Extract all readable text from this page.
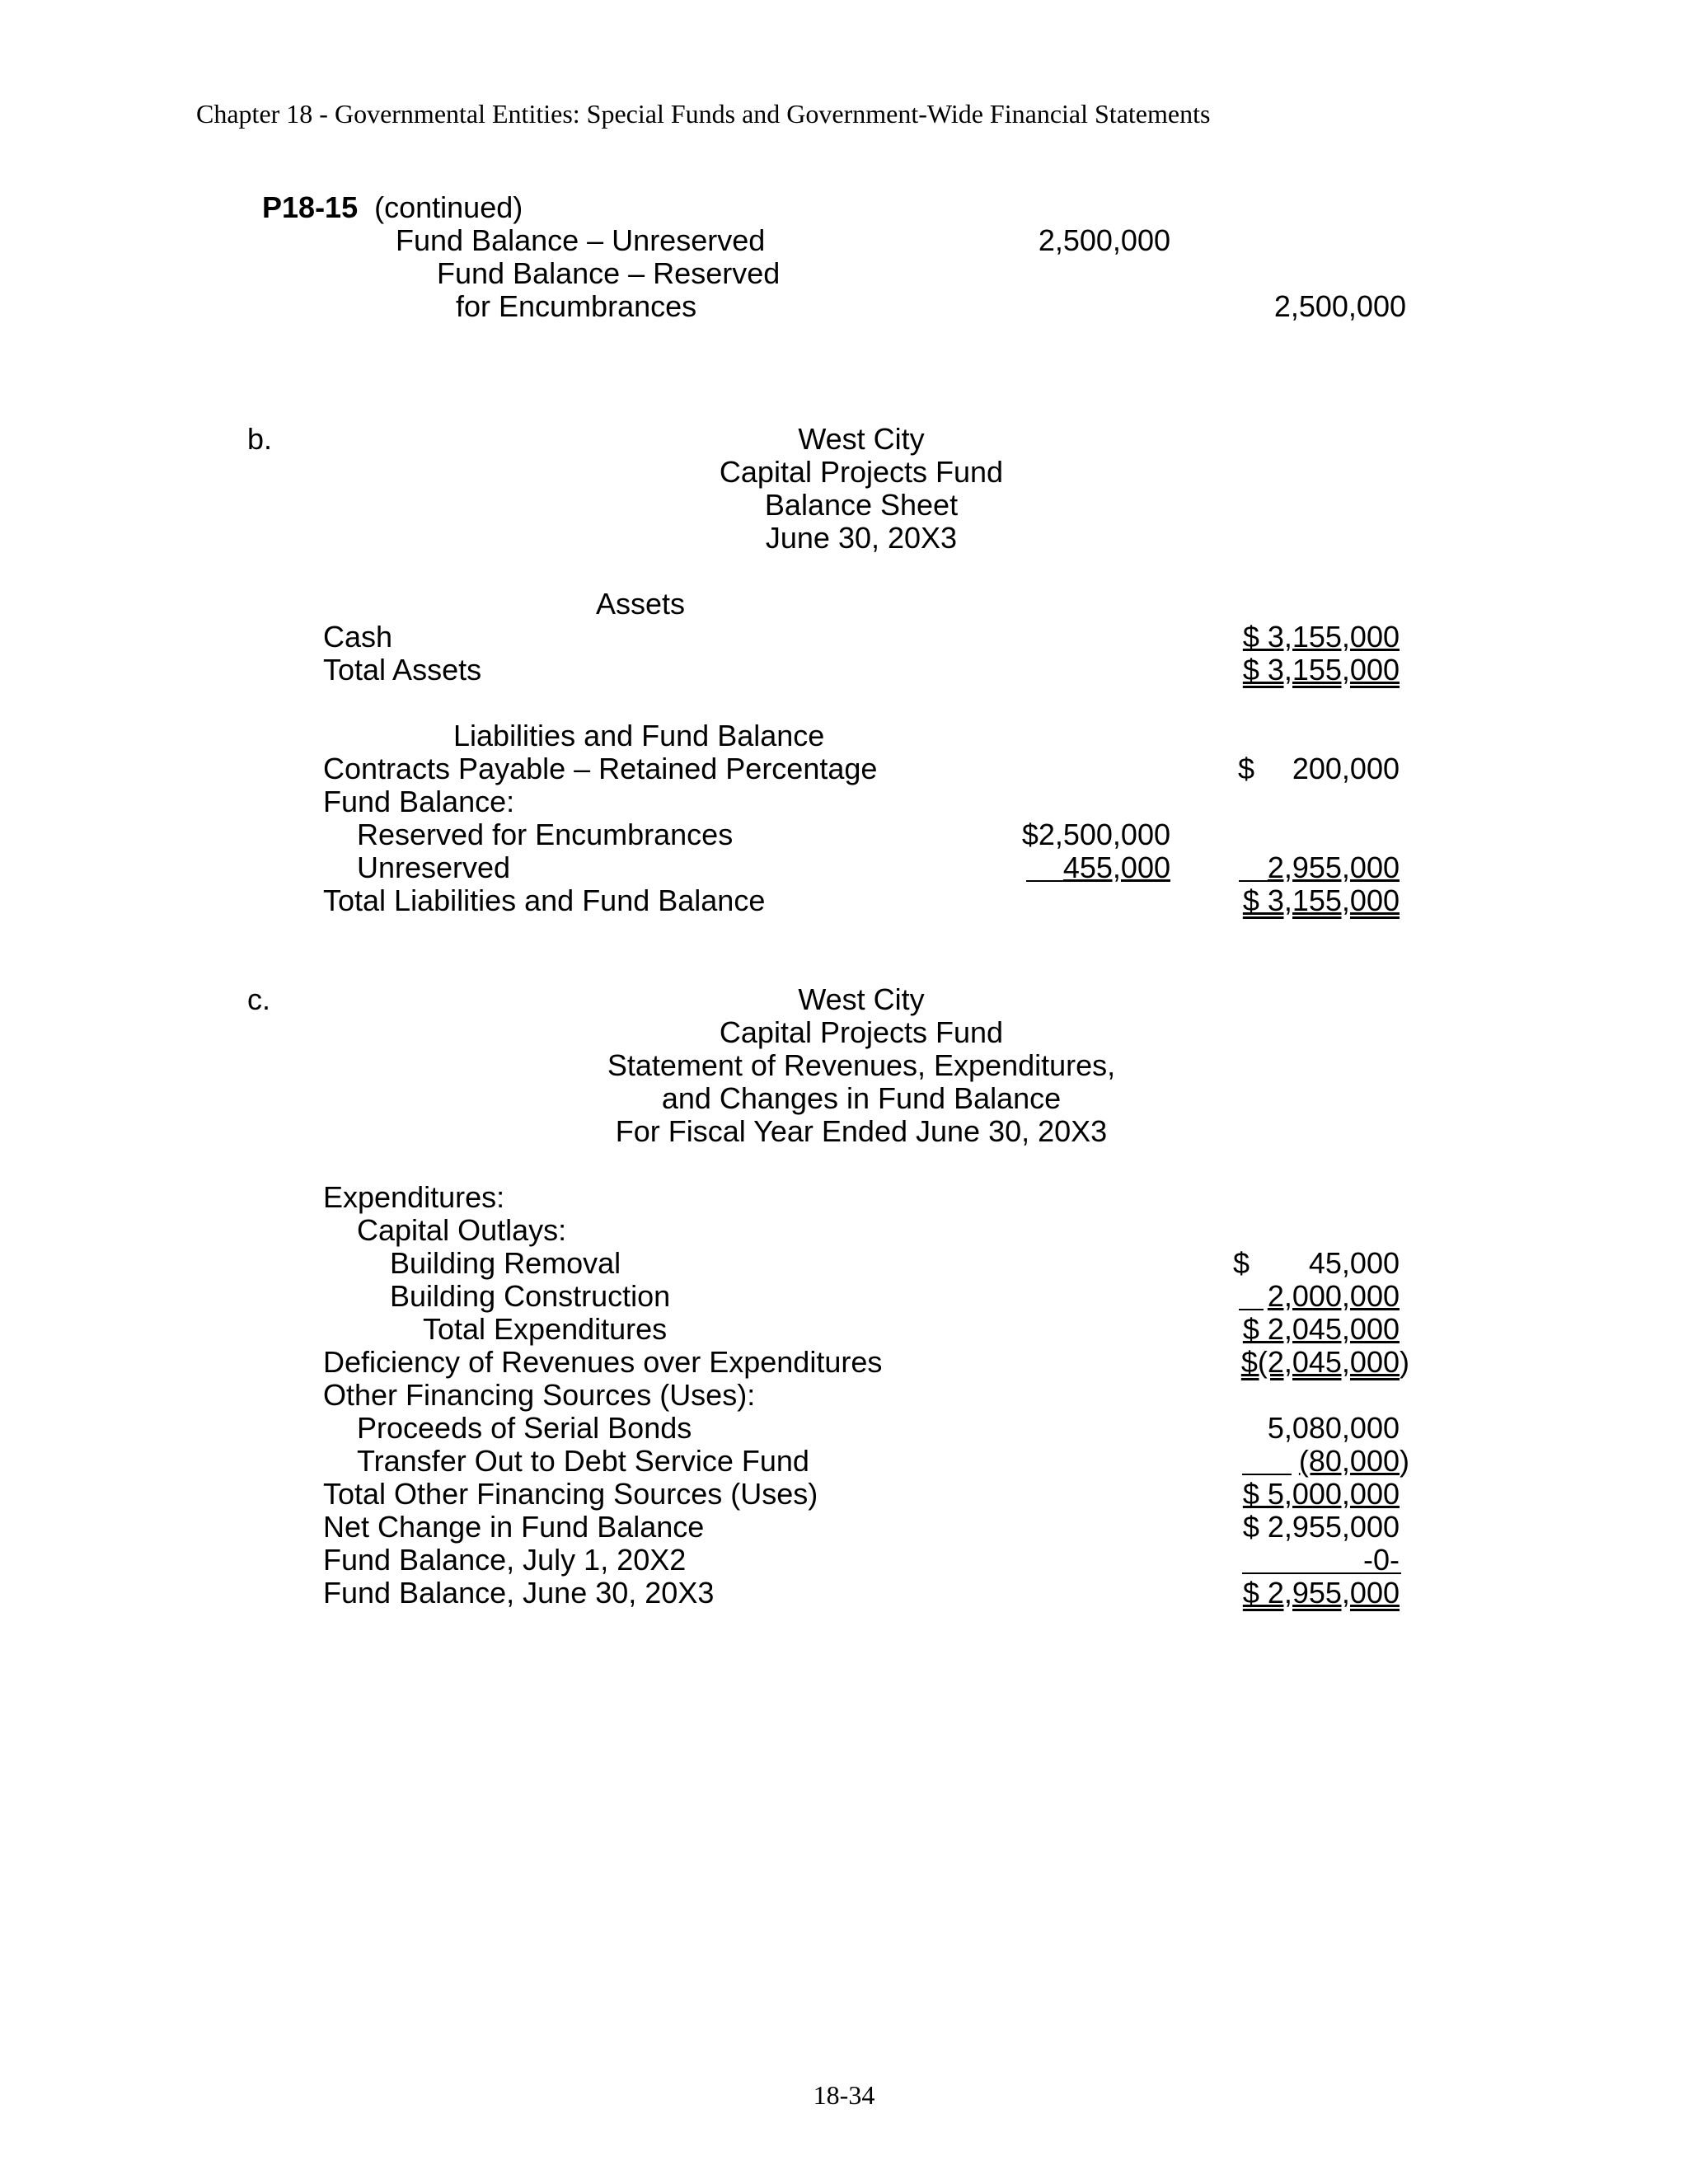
Chapter 18 - Governmental Entities: Special Funds and Government-Wide Financial Statements

P18-15 (continued)

Fund Balance – Unreserved	2,500,000
Fund Balance – Reserved
for Encumbrances	2,500,000
b.	West City
Capital Projects Fund
Balance Sheet
June 30, 20X3
Assets
Cash	$ 3,155,000
Total Assets	$ 3,155,000
Liabilities and Fund Balance
Contracts Payable – Retained Percentage	$	200,000
Fund Balance:
Reserved for Encumbrances	$2,500,000
Unreserved	455,000	2,955,000
Total Liabilities and Fund Balance	$ 3,155,000
c.	West City
Capital Projects Fund
Statement of Revenues, Expenditures,
and Changes in Fund Balance
For Fiscal Year Ended June 30, 20X3
Expenditures:
Capital Outlays:
Building Removal	$	45,000
Building Construction	2,000,000
Total Expenditures	$ 2,045,000
Deficiency of Revenues over Expenditures	$(2,045,000)
Other Financing Sources (Uses):
Proceeds of Serial Bonds	5,080,000
Transfer Out to Debt Service Fund	(80,000)
Total Other Financing Sources (Uses)	$ 5,000,000
Net Change in Fund Balance	$ 2,955,000
Fund Balance, July 1, 20X2	-0-
Fund Balance, June 30, 20X3	$ 2,955,000
18-34
